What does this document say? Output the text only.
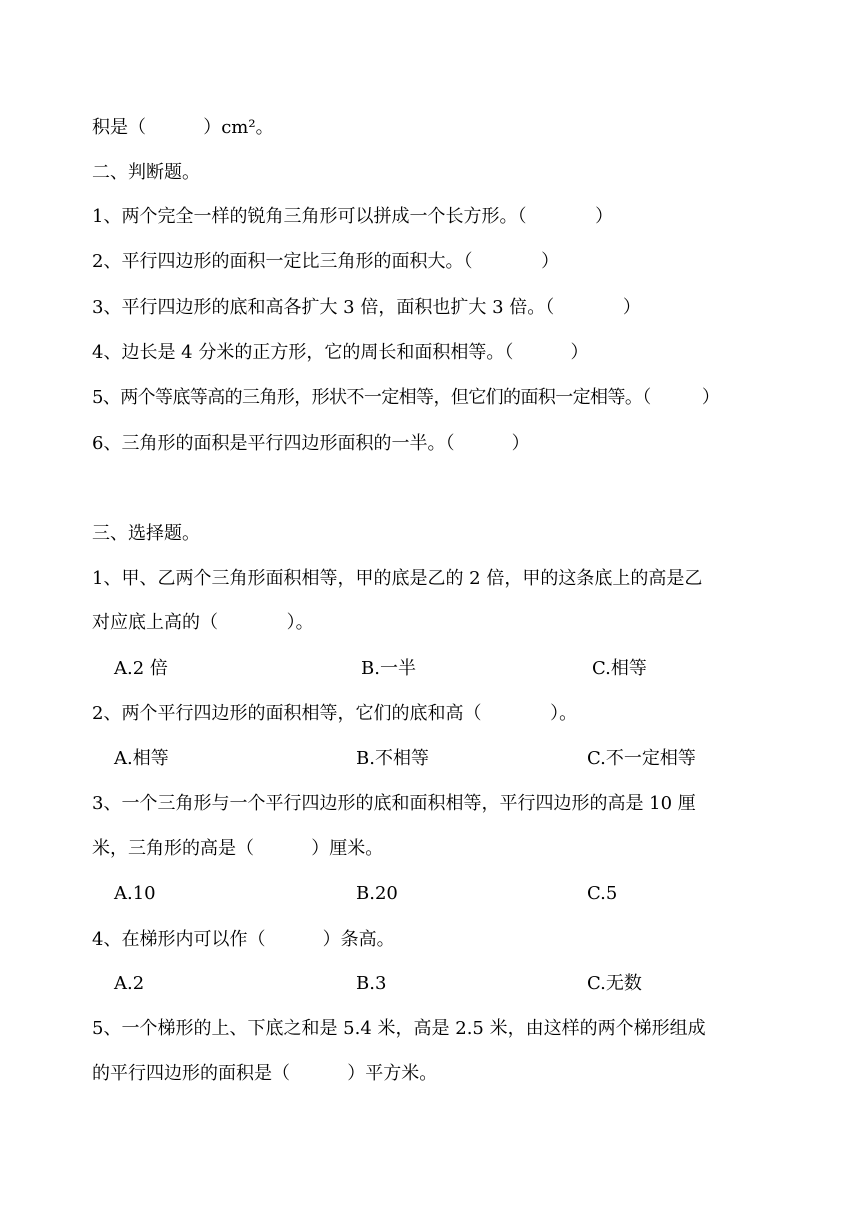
积是（          ）cm²。
二、判断题。
1、两个完全一样的锐角三角形可以拼成一个长方形。（            ）
2、平行四边形的面积一定比三角形的面积大。（            ）
3、平行四边形的底和高各扩大 3 倍，面积也扩大 3 倍。（            ）
4、边长是 4 分米的正方形，它的周长和面积相等。（          ）
5、两个等底等高的三角形，形状不一定相等，但它们的面积一定相等。（          ）
6、三角形的面积是平行四边形面积的一半。（          ）
三、选择题。
1、甲、乙两个三角形面积相等，甲的底是乙的 2 倍，甲的这条底上的高是乙
对应底上高的（            ）。
A.2 倍	B.一半	C.相等
2、两个平行四边形的面积相等，它们的底和高（            ）。
A.相等	B.不相等	C.不一定相等
3、一个三角形与一个平行四边形的底和面积相等，平行四边形的高是 10 厘
米，三角形的高是（          ）厘米。
A.10	B.20	C.5
4、在梯形内可以作（          ）条高。
A.2	B.3	C.无数
5、一个梯形的上、下底之和是 5.4 米，高是 2.5 米，由这样的两个梯形组成
的平行四边形的面积是（          ）平方米。
